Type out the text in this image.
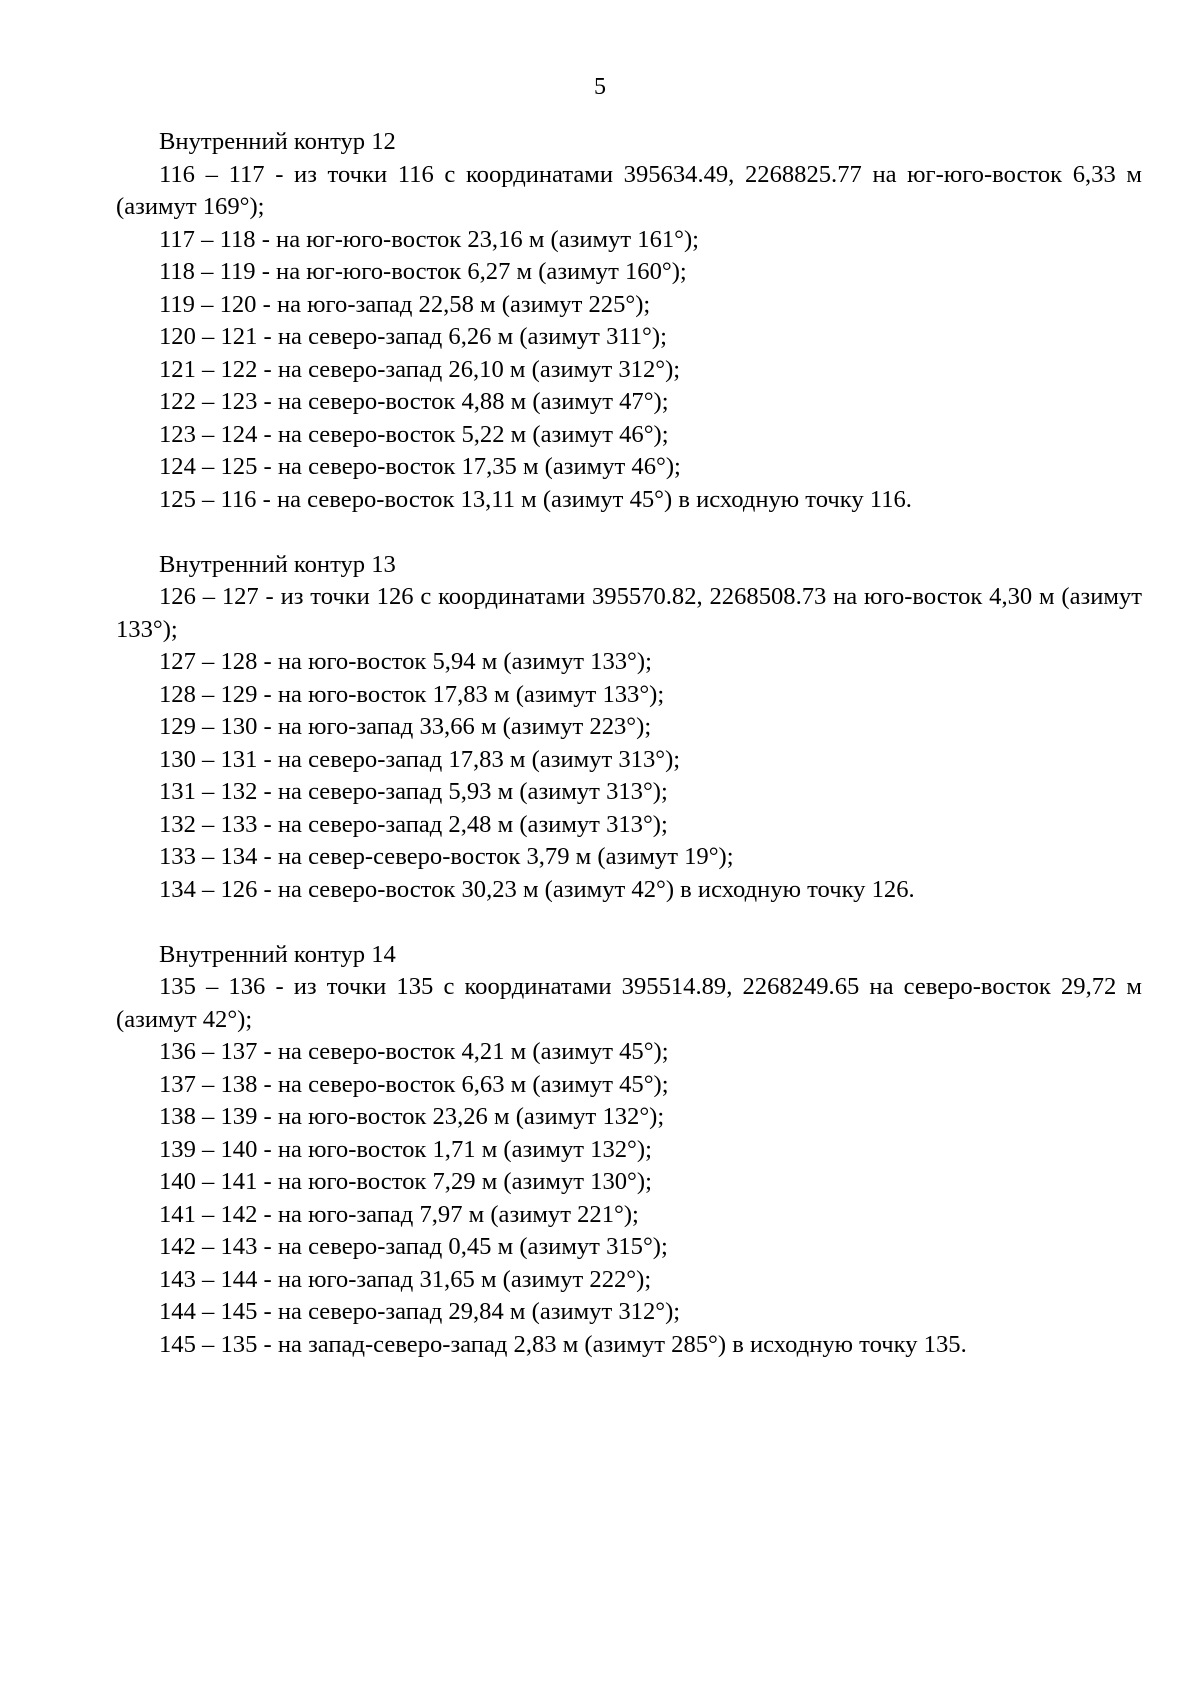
5

Внутренний контур 12

116 – 117 - из точки 116 с координатами 395634.49, 2268825.77 на юг-юго-восток 6,33 м (азимут 169°);

117 – 118 - на юг-юго-восток 23,16 м (азимут 161°);

118 – 119 - на юг-юго-восток 6,27 м (азимут 160°);

119 – 120 - на юго-запад 22,58 м (азимут 225°);

120 – 121 - на северо-запад 6,26 м (азимут 311°);

121 – 122 - на северо-запад 26,10 м (азимут 312°);

122 – 123 - на северо-восток 4,88 м (азимут 47°);

123 – 124 - на северо-восток 5,22 м (азимут 46°);

124 – 125 - на северо-восток 17,35 м (азимут 46°);

125 – 116 - на северо-восток 13,11 м (азимут 45°) в исходную точку 116.

Внутренний контур 13

126 – 127 - из точки 126 с координатами 395570.82, 2268508.73 на юго-восток 4,30 м (азимут 133°);

127 – 128 - на юго-восток 5,94 м (азимут 133°);

128 – 129 - на юго-восток 17,83 м (азимут 133°);

129 – 130 - на юго-запад 33,66 м (азимут 223°);

130 – 131 - на северо-запад 17,83 м (азимут 313°);

131 – 132 - на северо-запад 5,93 м (азимут 313°);

132 – 133 - на северо-запад 2,48 м (азимут 313°);

133 – 134 - на север-северо-восток 3,79 м (азимут 19°);

134 – 126 - на северо-восток 30,23 м (азимут 42°) в исходную точку 126.

Внутренний контур 14

135 – 136 - из точки 135 с координатами 395514.89, 2268249.65 на северо-восток 29,72 м (азимут 42°);

136 – 137 - на северо-восток 4,21 м (азимут 45°);

137 – 138 - на северо-восток 6,63 м (азимут 45°);

138 – 139 - на юго-восток 23,26 м (азимут 132°);

139 – 140 - на юго-восток 1,71 м (азимут 132°);

140 – 141 - на юго-восток 7,29 м (азимут 130°);

141 – 142 - на юго-запад 7,97 м (азимут 221°);

142 – 143 - на северо-запад 0,45 м (азимут 315°);

143 – 144 - на юго-запад 31,65 м (азимут 222°);

144 – 145 - на северо-запад 29,84 м (азимут 312°);

145 – 135 - на запад-северо-запад 2,83 м (азимут 285°) в исходную точку 135.
